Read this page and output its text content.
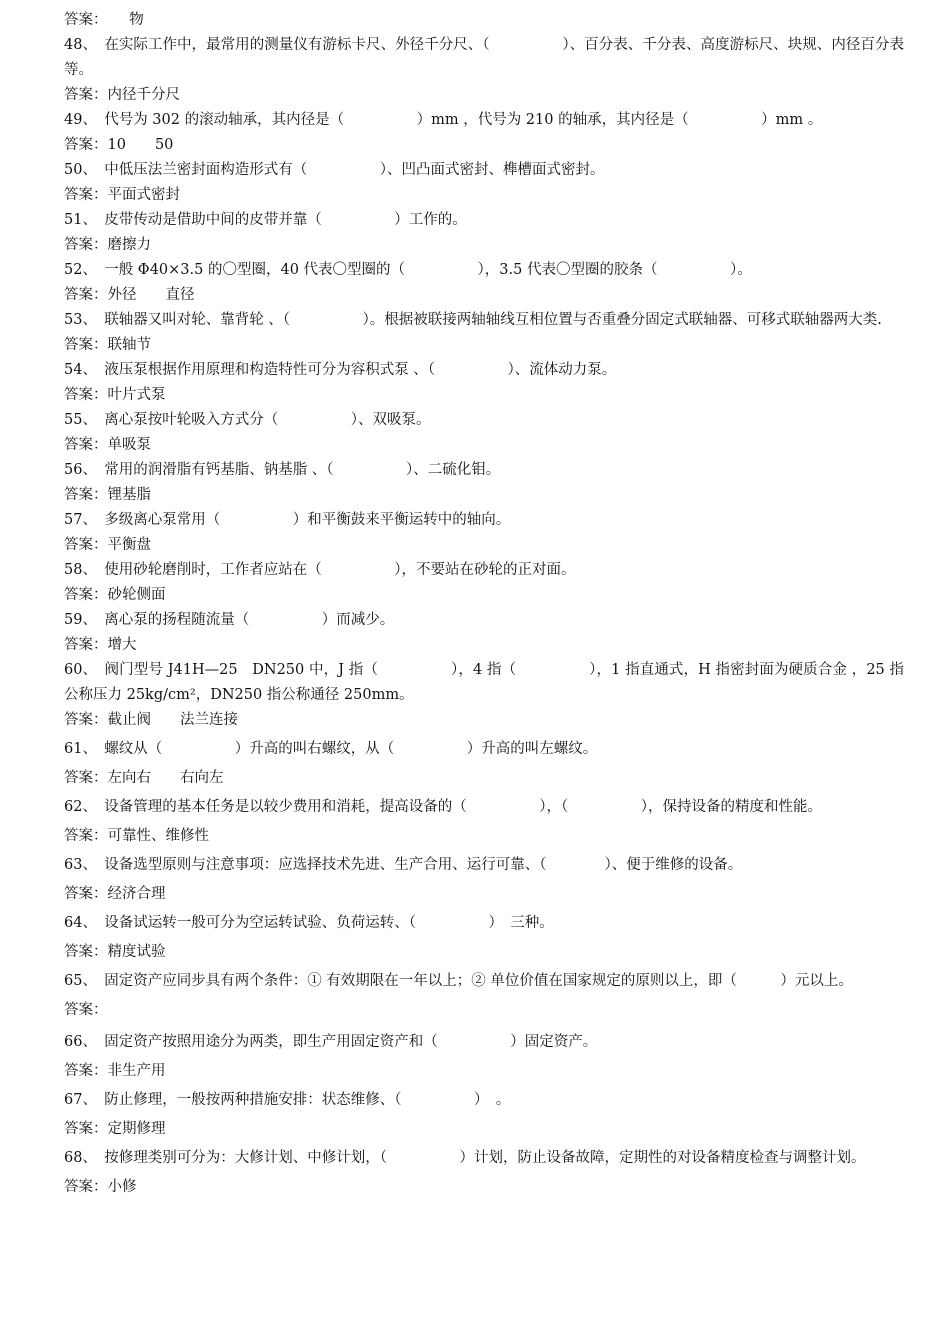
答案：　　物
48、　在实际工作中，最常用的测量仪有游标卡尺、外径千分尺、（　　　　　）、百分表、千分表、高度游标尺、块规、内径百分表等。
答案：内径千分尺
49、　代号为 302 的滚动轴承，其内径是（　　　　　）mm ，代号为 210 的轴承，其内径是（　　　　　）mm 。
答案：10　　50
50、　中低压法兰密封面构造形式有（　　　　　）、凹凸面式密封、榫槽面式密封。
答案：平面式密封
51、　皮带传动是借助中间的皮带并靠（　　　　　）工作的。
答案：磨擦力
52、　一般 Φ40×3.5 的〇型圈，40 代表〇型圈的（　　　　　），3.5 代表〇型圈的胶条（　　　　　）。
答案：外径　　直径
53、　联轴器又叫对轮、靠背轮 、（　　　　　）。根据被联接两轴轴线互相位置与否重叠分固定式联轴器、可移式联轴器两大类.
答案：联轴节
54、　液压泵根据作用原理和构造特性可分为容积式泵 、（　　　　　）、流体动力泵。
答案：叶片式泵
55、　离心泵按叶轮吸入方式分（　　　　　）、双吸泵。
答案：单吸泵
56、　常用的润滑脂有钙基脂、钠基脂 、（　　　　　）、二硫化钼。
答案：锂基脂
57、　多级离心泵常用（　　　　　）和平衡鼓来平衡运转中的轴向。
答案：平衡盘
58、　使用砂轮磨削时，工作者应站在（　　　　　），不要站在砂轮的正对面。
答案：砂轮侧面
59、　离心泵的扬程随流量（　　　　　）而减少。
答案：增大
60、　阀门型号 J41H—25　DN250 中，J 指（　　　　　），4 指（　　　　　），1 指直通式，H 指密封面为硬质合金 ，25 指公称压力 25kg/cm²，DN250 指公称通径 250mm。
答案：截止阀　　法兰连接
61、　螺纹从（　　　　　）升高的叫右螺纹，从（　　　　　）升高的叫左螺纹。
答案：左向右　　右向左
62、　设备管理的基本任务是以较少费用和消耗，提高设备的（　　　　　），（　　　　　），保持设备的精度和性能。
答案：可靠性、维修性
63、　设备选型原则与注意事项：应选择技术先进、生产合用、运行可靠、（　　　　）、便于维修的设备。
答案：经济合理
64、　设备试运转一般可分为空运转试验、负荷运转、（　　　　　）　三种。
答案：精度试验
65、　固定资产应同步具有两个条件：① 有效期限在一年以上；② 单位价值在国家规定的原则以上，即（　　　）元以上。
答案：
66、　固定资产按照用途分为两类，即生产用固定资产和（　　　　　）固定资产。
答案：非生产用
67、　防止修理，一般按两种措施安排：状态维修、（　　　　　）　。
答案：定期修理
68、　按修理类别可分为：大修计划、中修计划，（　　　　　）计划，防止设备故障，定期性的对设备精度检查与调整计划。
答案：小修
